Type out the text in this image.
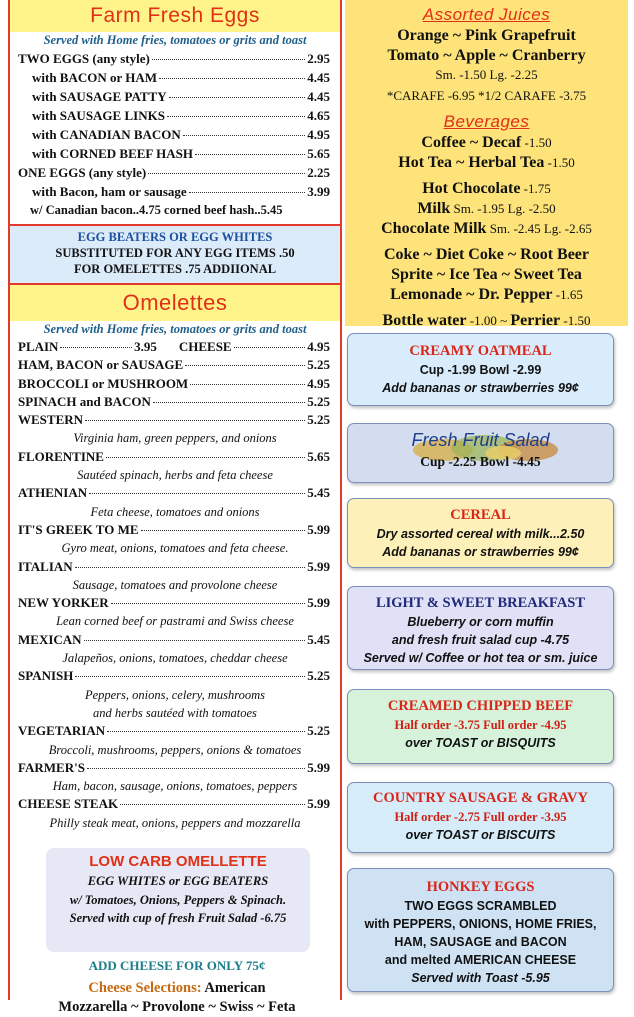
Farm Fresh Eggs
Served with Home fries, tomatoes or grits and toast
TWO EGGS (any style)	2.95
with BACON or HAM	4.45
with SAUSAGE PATTY	4.45
with SAUSAGE LINKS	4.65
with CANADIAN BACON	4.95
with CORNED BEEF HASH	5.65
ONE EGGS (any style)	2.25
with Bacon, ham or sausage	3.99
w/ Canadian bacon..4.75 corned beef hash..5.45
EGG BEATERS OR EGG WHITES
SUBSTITUTED FOR ANY EGG ITEMS .50
FOR OMELETTES .75 ADDIIONAL
Omelettes
Served with Home fries, tomatoes or grits and toast
PLAIN	3.95 CHEESE	4.95
HAM, BACON or SAUSAGE	5.25
BROCCOLI or MUSHROOM	4.95
SPINACH and BACON	5.25
WESTERN	5.25
Virginia ham, green peppers, and onions
FLORENTINE	5.65
Sautéed spinach, herbs and feta cheese
ATHENIAN	5.45
Feta cheese, tomatoes and onions
IT'S GREEK TO ME	5.99
Gyro meat, onions, tomatoes and feta cheese.
ITALIAN	5.99
Sausage, tomatoes and provolone cheese
NEW YORKER	5.99
Lean corned beef or pastrami and Swiss cheese
MEXICAN	5.45
Jalapeños, onions, tomatoes, cheddar cheese
SPANISH	5.25
Peppers, onions, celery, mushrooms
and herbs sautéed with tomatoes
VEGETARIAN	5.25
Broccoli, mushrooms, peppers, onions & tomatoes
FARMER'S	5.99
Ham, bacon, sausage, onions, tomatoes, peppers
CHEESE STEAK	5.99
Philly steak meat, onions, peppers and mozzarella
LOW CARB OMELLETTE
EGG WHITES or EGG BEATERS
w/ Tomatoes, Onions, Peppers & Spinach.
Served with cup of fresh Fruit Salad -6.75
ADD CHEESE FOR ONLY 75¢
Cheese Selections: American
Mozzarella ~ Provolone ~ Swiss ~ Feta
Assorted Juices
Orange ~ Pink Grapefruit
Tomato ~ Apple ~ Cranberry
Sm. -1.50 Lg. -2.25
*CARAFE -6.95 *1/2 CARAFE -3.75
Beverages
Coffee ~ Decaf -1.50
Hot Tea ~ Herbal Tea -1.50
Hot Chocolate -1.75
Milk Sm. -1.95 Lg. -2.50
Chocolate Milk Sm. -2.45 Lg. -2.65
Coke ~ Diet Coke ~ Root Beer
Sprite ~ Ice Tea ~ Sweet Tea
Lemonade ~ Dr. Pepper -1.65
Bottle water -1.00 ~ Perrier -1.50
CREAMY OATMEAL
Cup -1.99 Bowl -2.99
Add bananas or strawberries 99¢
Fresh Fruit Salad
Cup -2.25 Bowl -4.45
CEREAL
Dry assorted cereal with milk...2.50
Add bananas or strawberries 99¢
LIGHT & SWEET BREAKFAST
Blueberry or corn muffin
and fresh fruit salad cup -4.75
Served w/ Coffee or hot tea or sm. juice
CREAMED CHIPPED BEEF
Half order -3.75 Full order -4.95
over TOAST or BISQUITS
COUNTRY SAUSAGE & GRAVY
Half order -2.75 Full order -3.95
over TOAST or BISCUITS
HONKEY EGGS
TWO EGGS SCRAMBLED
with PEPPERS, ONIONS, HOME FRIES,
HAM, SAUSAGE and BACON
and melted AMERICAN CHEESE
Served with Toast -5.95
